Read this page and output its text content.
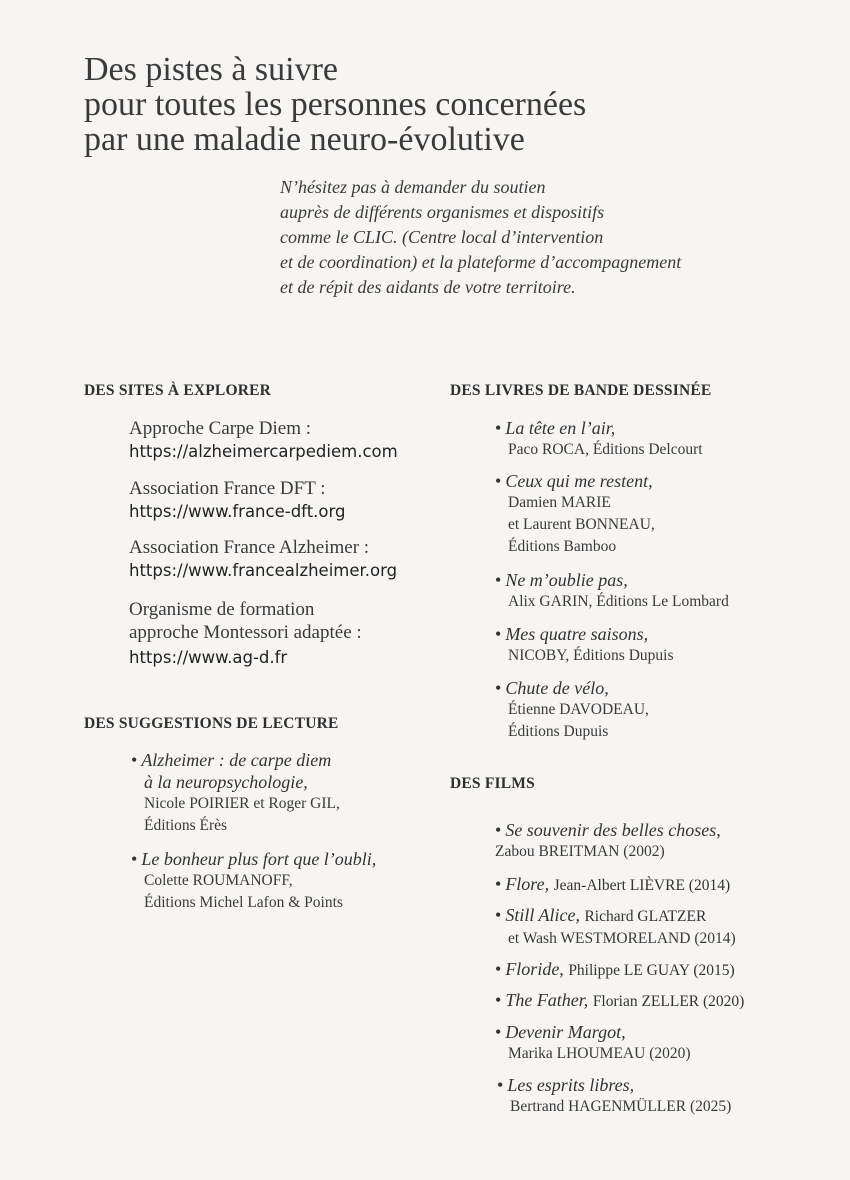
Des pistes à suivre
pour toutes les personnes concernées
par une maladie neuro-évolutive
N’hésitez pas à demander du soutien
auprès de différents organismes et dispositifs
comme le CLIC. (Centre local d’intervention
et de coordination) et la plateforme d’accompagnement
et de répit des aidants de votre territoire.
DES SITES À EXPLORER
Approche Carpe Diem :
https://alzheimercarpediem.com
Association France DFT :
https://www.france-dft.org
Association France Alzheimer :
https://www.francealzheimer.org
Organisme de formation
approche Montessori adaptée :
https://www.ag-d.fr
DES SUGGESTIONS DE LECTURE
• Alzheimer : de carpe diem
à la neuropsychologie,
Nicole POIRIER et Roger GIL,
Éditions Érès
• Le bonheur plus fort que l’oubli,
Colette ROUMANOFF,
Éditions Michel Lafon & Points
DES LIVRES DE BANDE DESSINÉE
• La tête en l’air,
Paco ROCA, Éditions Delcourt
• Ceux qui me restent,
Damien MARIE
et Laurent BONNEAU,
Éditions Bamboo
• Ne m’oublie pas,
Alix GARIN, Éditions Le Lombard
• Mes quatre saisons,
NICOBY, Éditions Dupuis
• Chute de vélo,
Étienne DAVODEAU,
Éditions Dupuis
DES FILMS
• Se souvenir des belles choses,
Zabou BREITMAN (2002)
• Flore, Jean-Albert LIÈVRE (2014)
• Still Alice, Richard GLATZER
et Wash WESTMORELAND (2014)
• Floride, Philippe LE GUAY (2015)
• The Father, Florian ZELLER (2020)
• Devenir Margot,
Marika LHOUMEAU (2020)
• Les esprits libres,
Bertrand HAGENMÜLLER (2025)
